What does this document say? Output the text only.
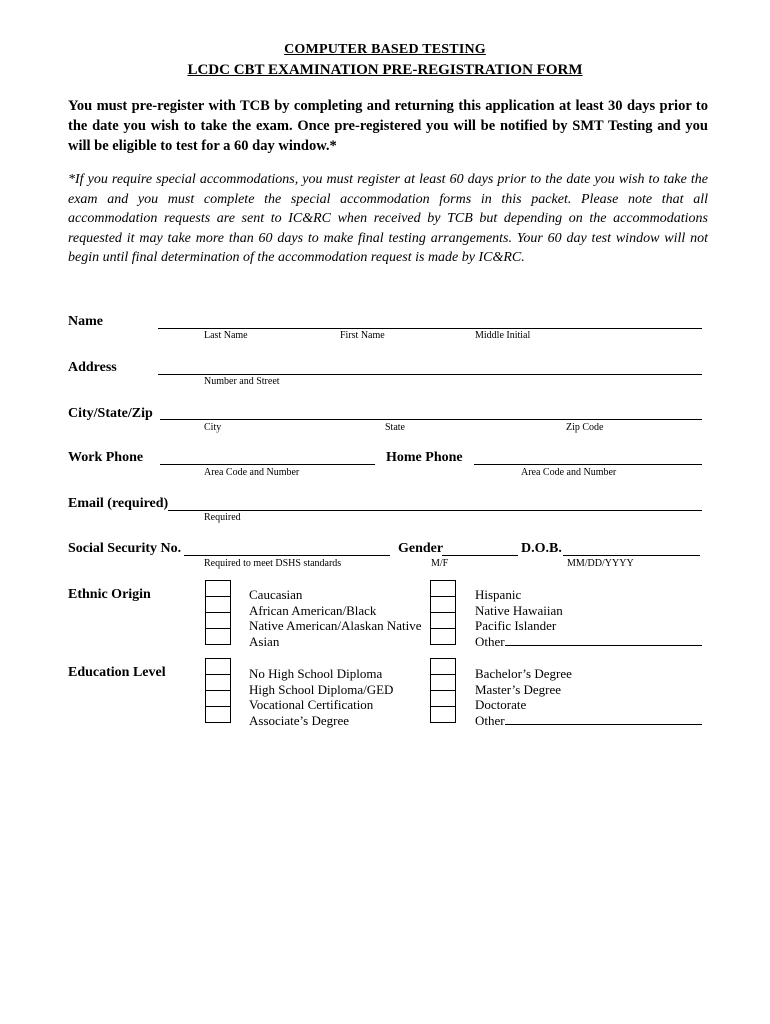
COMPUTER BASED TESTING
LCDC CBT EXAMINATION PRE-REGISTRATION FORM
You must pre-register with TCB by completing and returning this application at least 30 days prior to the date you wish to take the exam. Once pre-registered you will be notified by SMT Testing and you will be eligible to test for a 60 day window.*
*If you require special accommodations, you must register at least 60 days prior to the date you wish to take the exam and you must complete the special accommodation forms in this packet. Please note that all accommodation requests are sent to IC&RC when received by TCB but depending on the accommodations requested it may take more than 60 days to make final testing arrangements. Your 60 day test window will not begin until final determination of the accommodation request is made by IC&RC.
Name
Last Name	First Name	Middle Initial
Address
Number and Street
City/State/Zip
City	State	Zip Code
Work Phone
Area Code and Number
Home Phone
Area Code and Number
Email (required)
Required
Social Security No.
Required to meet DSHS standards
Gender
M/F
D.O.B.
MM/DD/YYYY
Ethnic Origin	Caucasian
African American/Black
Native American/Alaskan Native
Asian
Hispanic
Native Hawaiian
Pacific Islander
Other
Education Level	No High School Diploma
High School Diploma/GED
Vocational Certification
Associate’s Degree
Bachelor’s Degree
Master’s Degree
Doctorate
Other
